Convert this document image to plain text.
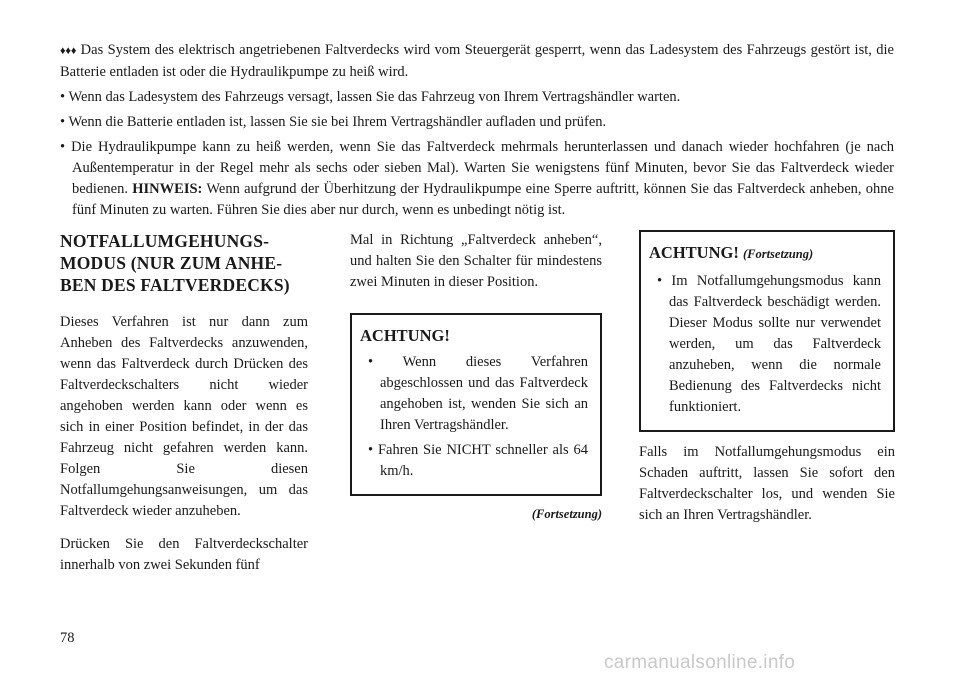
♦♦♦ Das System des elektrisch angetriebenen Faltverdecks wird vom Steuergerät gesperrt, wenn das Ladesystem des Fahrzeugs gestört ist, die Batterie entladen ist oder die Hydraulikpumpe zu heiß wird.

• Wenn das Ladesystem des Fahrzeugs versagt, lassen Sie das Fahrzeug von Ihrem Vertragshändler warten.

• Wenn die Batterie entladen ist, lassen Sie sie bei Ihrem Vertragshändler aufladen und prüfen.

• Die Hydraulikpumpe kann zu heiß werden, wenn Sie das Faltverdeck mehrmals herunterlassen und danach wieder hochfahren (je nach Außentemperatur in der Regel mehr als sechs oder sieben Mal). Warten Sie wenigstens fünf Minuten, bevor Sie das Faltverdeck wieder bedienen. HINWEIS: Wenn aufgrund der Überhitzung der Hydraulikpumpe eine Sperre auftritt, können Sie das Faltverdeck anheben, ohne fünf Minuten zu warten. Führen Sie dies aber nur durch, wenn es unbedingt nötig ist.

NOTFALLUMGEHUNGS-
MODUS (NUR ZUM ANHE-
BEN DES FALTVERDECKS)

Dieses Verfahren ist nur dann zum Anheben des Faltverdecks anzuwenden, wenn das Faltverdeck durch Drücken des Faltverdeckschalters nicht wieder angehoben werden kann oder wenn es sich in einer Position befindet, in der das Fahrzeug nicht gefahren werden kann. Folgen Sie diesen Notfallumgehungsanweisungen, um das Faltverdeck wieder anzuheben.

Drücken Sie den Faltverdeckschalter innerhalb von zwei Sekunden fünf

Mal in Richtung „Faltverdeck anheben“, und halten Sie den Schalter für mindestens zwei Minuten in dieser Position.

ACHTUNG!

• Wenn dieses Verfahren abgeschlossen und das Faltverdeck angehoben ist, wenden Sie sich an Ihren Vertragshändler.

• Fahren Sie NICHT schneller als 64 km/h.

(Fortsetzung)
ACHTUNG! (Fortsetzung)

• Im Notfallumgehungsmodus kann das Faltverdeck beschädigt werden. Dieser Modus sollte nur verwendet werden, um das Faltverdeck anzuheben, wenn die normale Bedienung des Faltverdecks nicht funktioniert.

Falls im Notfallumgehungsmodus ein Schaden auftritt, lassen Sie sofort den Faltverdeckschalter los, und wenden Sie sich an Ihren Vertragshändler.

78
carmanualsonline.info
